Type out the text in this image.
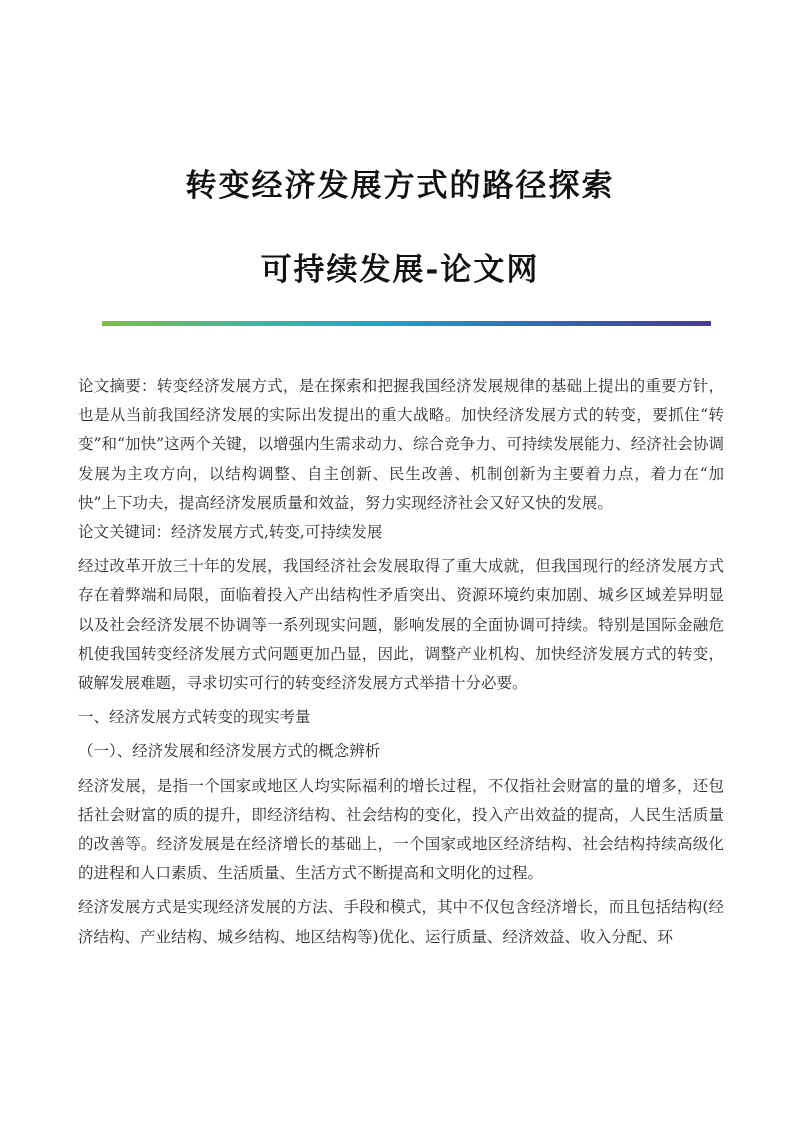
转变经济发展方式的路径探索
可持续发展-论文网

论文摘要：转变经济发展方式，是在探索和把握我国经济发展规律的基础上提出的重要方针，也是从当前我国经济发展的实际出发提出的重大战略。加快经济发展方式的转变，要抓住“转变”和“加快”这两个关键，以增强内生需求动力、综合竞争力、可持续发展能力、经济社会协调发展为主攻方向，以结构调整、自主创新、民生改善、机制创新为主要着力点，着力在“加快”上下功夫，提高经济发展质量和效益，努力实现经济社会又好又快的发展。

论文关键词：经济发展方式,转变,可持续发展

经过改革开放三十年的发展，我国经济社会发展取得了重大成就，但我国现行的经济发展方式存在着弊端和局限，面临着投入产出结构性矛盾突出、资源环境约束加剧、城乡区域差异明显以及社会经济发展不协调等一系列现实问题，影响发展的全面协调可持续。特别是国际金融危机使我国转变经济发展方式问题更加凸显，因此，调整产业机构、加快经济发展方式的转变，破解发展难题，寻求切实可行的转变经济发展方式举措十分必要。

一、经济发展方式转变的现实考量

（一）、经济发展和经济发展方式的概念辨析

经济发展，是指一个国家或地区人均实际福利的增长过程，不仅指社会财富的量的增多，还包括社会财富的质的提升，即经济结构、社会结构的变化，投入产出效益的提高，人民生活质量的改善等。经济发展是在经济增长的基础上，一个国家或地区经济结构、社会结构持续高级化的进程和人口素质、生活质量、生活方式不断提高和文明化的过程。

经济发展方式是实现经济发展的方法、手段和模式，其中不仅包含经济增长，而且包括结构(经济结构、产业结构、城乡结构、地区结构等)优化、运行质量、经济效益、收入分配、环
